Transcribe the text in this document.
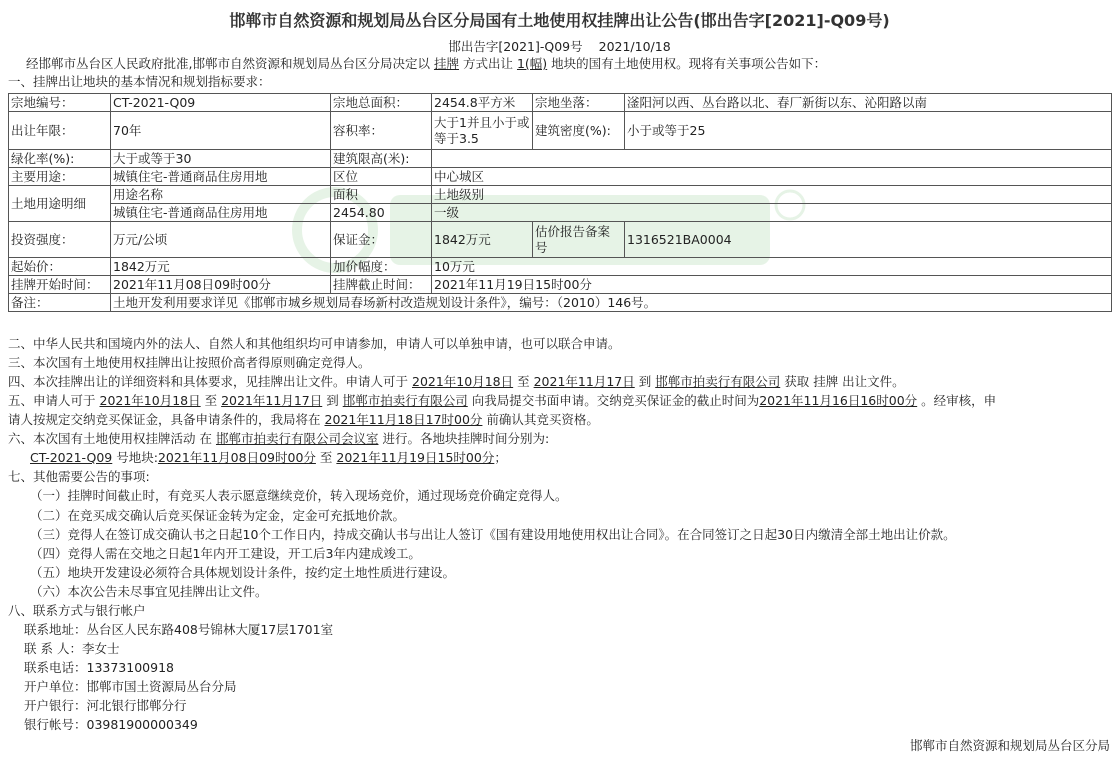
邯郸市自然资源和规划局丛台区分局国有土地使用权挂牌出让公告(邯出告字[2021]-Q09号)
邯出告字[2021]-Q09号 2021/10/18
经邯郸市丛台区人民政府批准,邯郸市自然资源和规划局丛台区分局决定以 挂牌 方式出让 1(幅) 地块的国有土地使用权。现将有关事项公告如下：
一、挂牌出让地块的基本情况和规划指标要求：
宗地编号：	CT-2021-Q09	宗地总面积：	2454.8平方米	宗地坐落：	滏阳河以西、丛台路以北、春厂新街以东、沁阳路以南
出让年限：	70年	容积率：	大于1并且小于或等于3.5	建筑密度(%):	小于或等于25
绿化率(%):	大于或等于30	建筑限高(米):			
主要用途：	城镇住宅-普通商品住房用地	区位	中心城区		
土地用途明细	用途名称	面积	土地级别		
	城镇住宅-普通商品住房用地	2454.80	一级		
投资强度：	万元/公顷	保证金：	1842万元	估价报告备案号	1316521BA0004
起始价：	1842万元	加价幅度：	10万元		
挂牌开始时间：	2021年11月08日09时00分	挂牌截止时间：	2021年11月19日15时00分		
备注：	土地开发利用要求详见《邯郸市城乡规划局春场新村改造规划设计条件》，编号：（2010）146号。				
二、中华人民共和国境内外的法人、自然人和其他组织均可申请参加，申请人可以单独申请，也可以联合申请。
三、本次国有土地使用权挂牌出让按照价高者得原则确定竞得人。
四、本次挂牌出让的详细资料和具体要求，见挂牌出让文件。申请人可于 2021年10月18日 至 2021年11月17日 到 邯郸市拍卖行有限公司 获取 挂牌 出让文件。
五、申请人可于 2021年10月18日 至 2021年11月17日 到 邯郸市拍卖行有限公司 向我局提交书面申请。交纳竞买保证金的截止时间为2021年11月16日16时00分 。经审核，申
请人按规定交纳竞买保证金，具备申请条件的，我局将在 2021年11月18日17时00分 前确认其竞买资格。
六、本次国有土地使用权挂牌活动 在 邯郸市拍卖行有限公司会议室 进行。各地块挂牌时间分别为:
CT-2021-Q09 号地块:2021年11月08日09时00分 至 2021年11月19日15时00分；
七、其他需要公告的事项:
（一）挂牌时间截止时，有竞买人表示愿意继续竞价，转入现场竞价，通过现场竞价确定竞得人。
（二）在竞买成交确认后竞买保证金转为定金，定金可充抵地价款。
（三）竞得人在签订成交确认书之日起10个工作日内，持成交确认书与出让人签订《国有建设用地使用权出让合同》。在合同签订之日起30日内缴清全部土地出让价款。
（四）竞得人需在交地之日起1年内开工建设，开工后3年内建成竣工。
（五）地块开发建设必须符合具体规划设计条件，按约定土地性质进行建设。
（六）本次公告未尽事宜见挂牌出让文件。
八、联系方式与银行帐户
联系地址：丛台区人民东路408号锦林大厦17层1701室
联 系 人：李女士
联系电话：13373100918
开户单位：邯郸市国土资源局丛台分局
开户银行：河北银行邯郸分行
银行帐号：03981900000349
邯郸市自然资源和规划局丛台区分局
